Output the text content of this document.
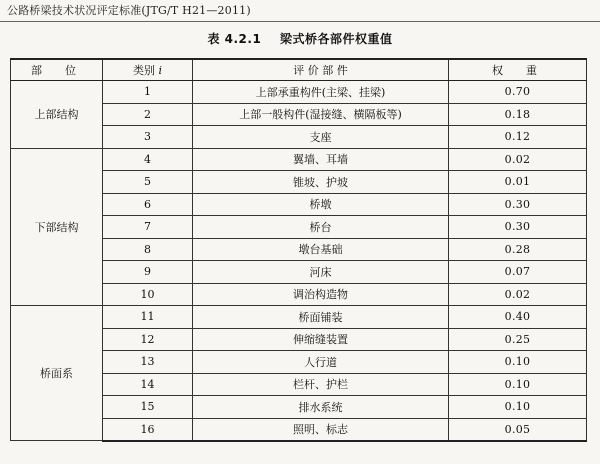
公路桥梁技术状况评定标准(JTG/T H21—2011)
表 4.2.1 梁式桥各部件权重值
部　位	类别 i	评 价 部 件	权　重
上部结构	1	上部承重构件(主梁、挂梁)	0.70
	2	上部一般构件(湿接缝、横隔板等)	0.18
	3	支座	0.12
下部结构	4	翼墙、耳墙	0.02
	5	锥坡、护坡	0.01
	6	桥墩	0.30
	7	桥台	0.30
	8	墩台基础	0.28
	9	河床	0.07
	10	调治构造物	0.02
桥面系	11	桥面铺装	0.40
	12	伸缩缝装置	0.25
	13	人行道	0.10
	14	栏杆、护栏	0.10
	15	排水系统	0.10
	16	照明、标志	0.05
